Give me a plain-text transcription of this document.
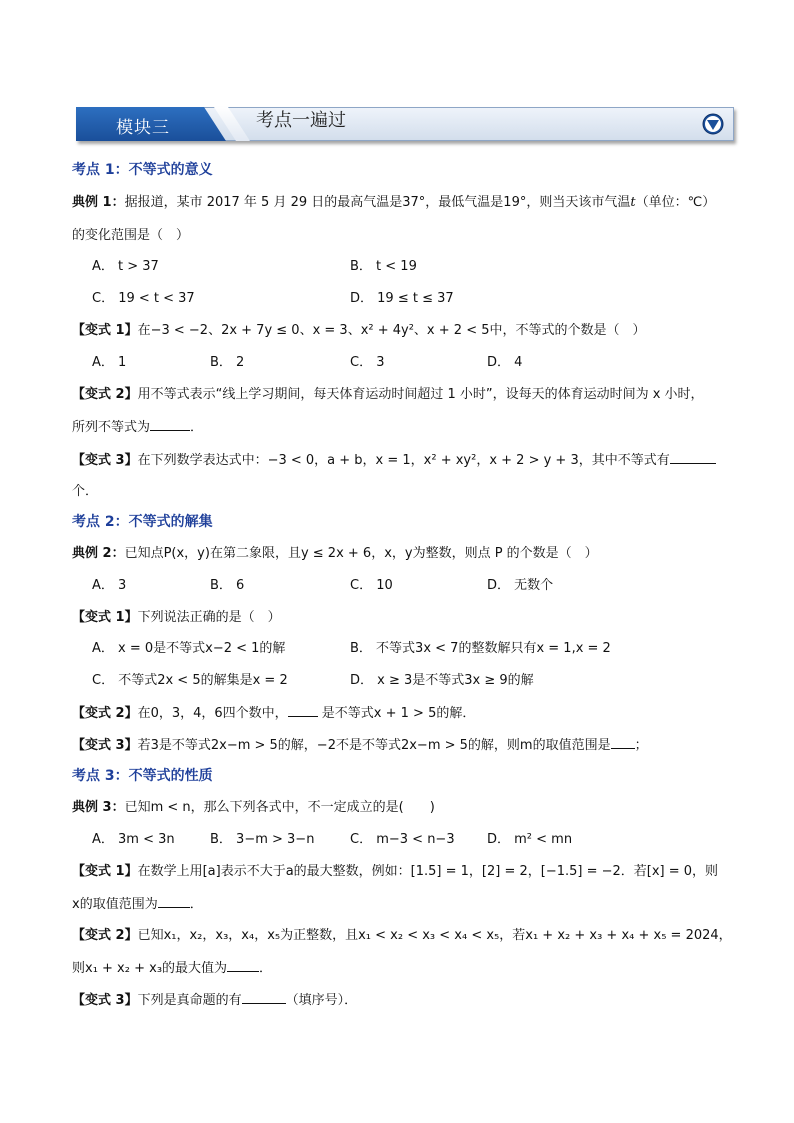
模块三	考点一遍过
考点 1：不等式的意义
典例 1：据报道，某市 2017 年 5 月 29 日的最高气温是37°，最低气温是19°，则当天该市气温t（单位：℃）
的变化范围是（　）
A． t > 37	B． t < 19
C． 19 < t < 37	D． 19 ≤ t ≤ 37
【变式 1】在−3 < −2、2x + 7y ≤ 0、x = 3、x² + 4y²、x + 2 < 5中，不等式的个数是（　）
A． 1	B． 2	C． 3	D． 4
【变式 2】用不等式表示“线上学习期间，每天体育运动时间超过 1 小时”，设每天的体育运动时间为 x 小时，
所列不等式为	．
【变式 3】在下列数学表达式中：−3 < 0，a + b，x = 1，x² + xy²，x + 2 > y + 3，其中不等式有
个．
考点 2：不等式的解集
典例 2：已知点P(x，y)在第二象限，且y ≤ 2x + 6，x，y为整数，则点 P 的个数是（　）
A． 3	B． 6	C． 10	D． 无数个
【变式 1】下列说法正确的是（　）
A． x = 0是不等式x−2 < 1的解	B． 不等式3x < 7的整数解只有x = 1,x = 2
C． 不等式2x < 5的解集是x = 2	D． x ≥ 3是不等式3x ≥ 9的解
【变式 2】在0，3，4，6四个数中， 是不等式x + 1 > 5的解．
【变式 3】若3是不等式2x−m > 5的解，−2不是不等式2x−m > 5的解，则m的取值范围是 ；
考点 3：不等式的性质
典例 3：已知m < n，那么下列各式中，不一定成立的是(　　)
A． 3m < 3n	B． 3−m > 3−n	C． m−3 < n−3 D． m² < mn
【变式 1】在数学上用[a]表示不大于a的最大整数，例如：[1.5] = 1，[2] = 2，[−1.5] = −2．若[x] = 0，则
x的取值范围为 ．
【变式 2】已知x₁，x₂，x₃，x₄，x₅为正整数，且x₁ < x₂ < x₃ < x₄ < x₅，若x₁ + x₂ + x₃ + x₄ + x₅ = 2024，
则x₁ + x₂ + x₃的最大值为 ．
【变式 3】下列是真命题的有	（填序号）．
